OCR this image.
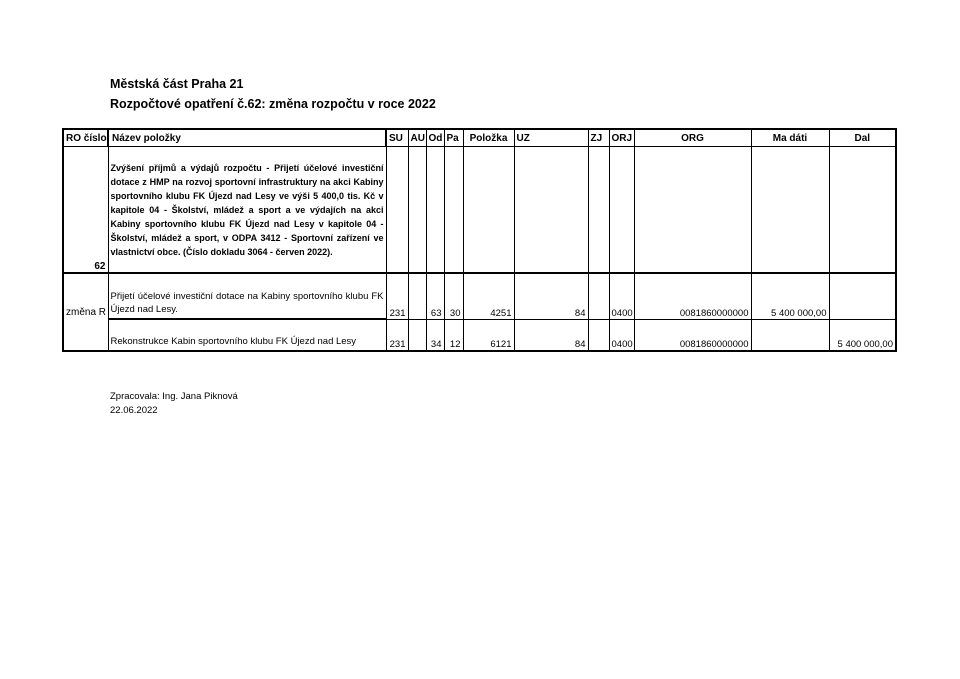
Městská část Praha 21
Rozpočtové opatření č.62: změna rozpočtu v roce 2022
RO číslo	Název položky	SU	AU	Od	Pa	Položka	UZ	ZJ	ORJ	ORG	Ma dáti	Dal
62	Zvýšení příjmů a výdajů rozpočtu - Přijetí účelové investiční dotace z HMP na rozvoj sportovní infrastruktury na akci Kabiny sportovního klubu FK Újezd nad Lesy ve výši 5 400,0 tis. Kč v kapitole 04 - Školství, mládež a sport a ve výdajích na akci Kabiny sportovního klubu FK Újezd nad Lesy v kapitole 04 - Školství, mládež a sport, v ODPA 3412 - Sportovní zařízení ve vlastnictví obce. (Číslo dokladu 3064 - červen 2022).											

změna R	Přijetí účelové investiční dotace na Kabiny sportovního klubu FK Újezd nad Lesy.	231		63	30	4251	84		0400	0081860000000	5 400 000,00	

	Rekonstrukce Kabin sportovního klubu FK Újezd nad Lesy	231		34	12	6121	84		0400	0081860000000		5 400 000,00
Zpracovala: Ing. Jana Piknová
22.06.2022
